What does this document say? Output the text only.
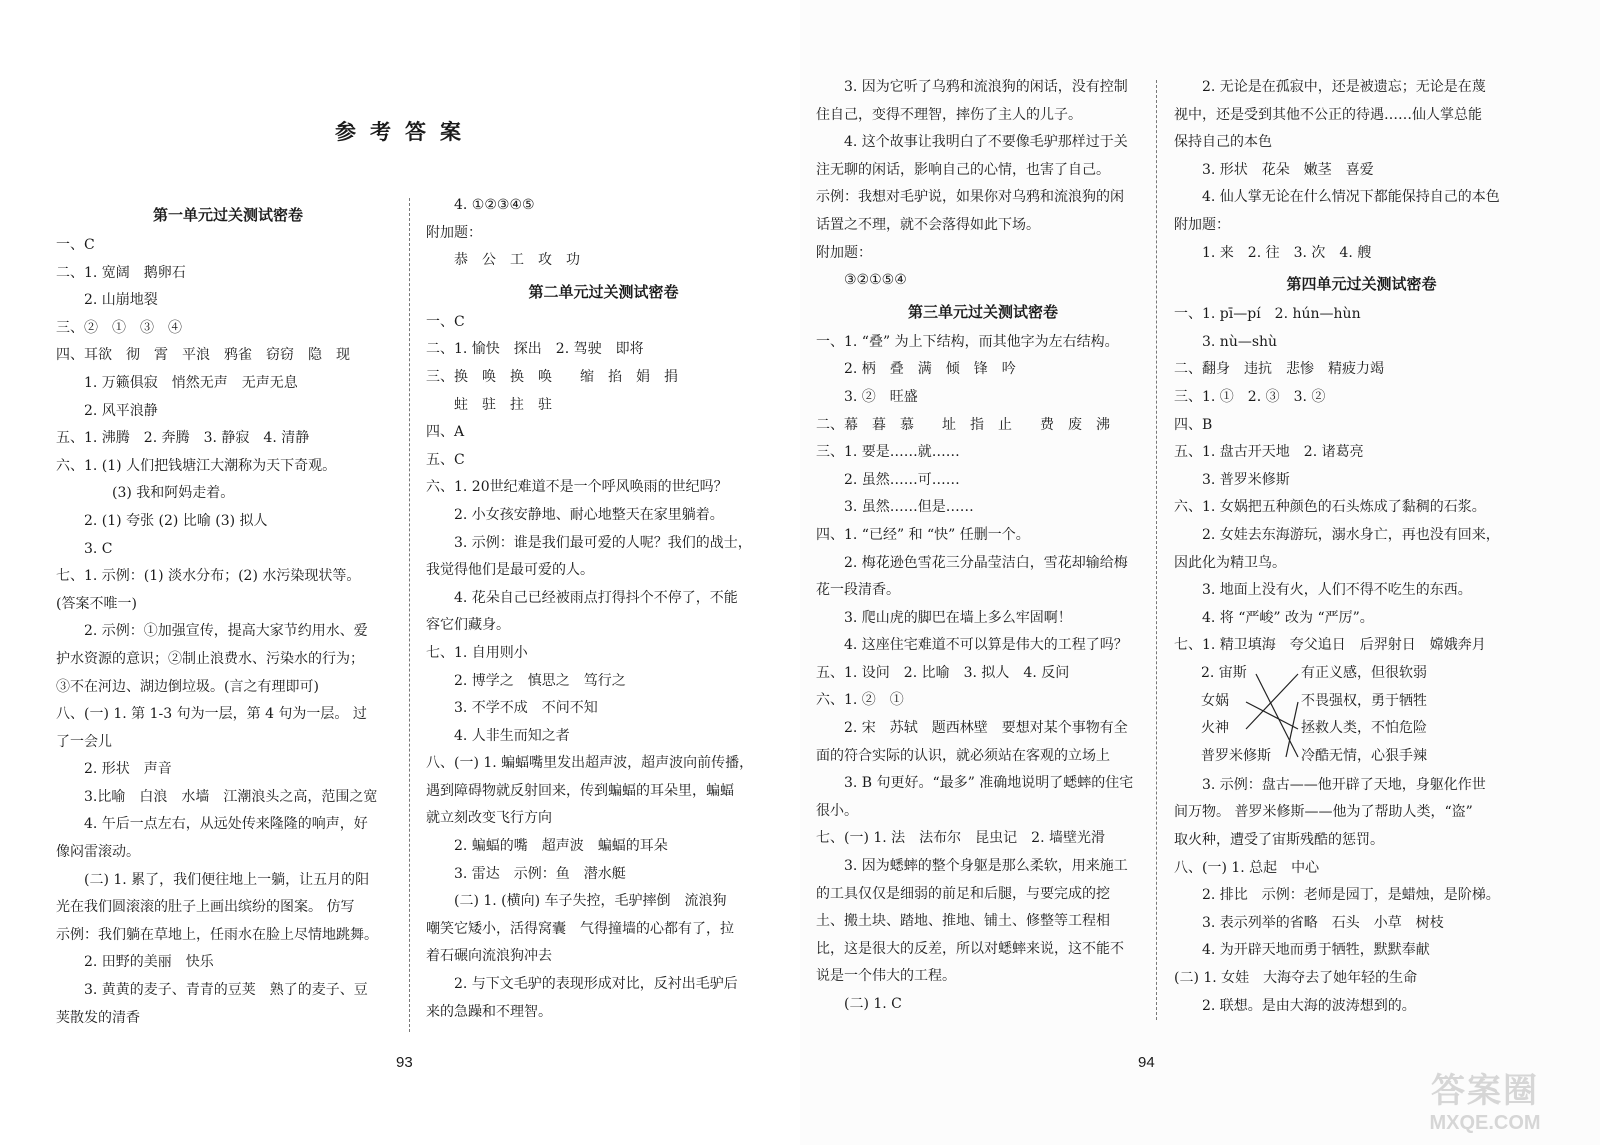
参考答案
第一单元过关测试密卷

一、C

二、1. 宽阔　鹅卵石

2. 山崩地裂

三、②　①　③　④

四、耳欲　彻　霄　平浪　鸦雀　窃窃　隐　现

1. 万籁俱寂　悄然无声　无声无息

2. 风平浪静

五、1. 沸腾　2. 奔腾　3. 静寂　4. 清静

六、1. (1) 人们把钱塘江大潮称为天下奇观。

(3) 我和阿妈走着。

2. (1) 夸张 (2) 比喻 (3) 拟人

3. C

七、1. 示例：(1) 淡水分布；(2) 水污染现状等。

(答案不唯一)

2. 示例：①加强宣传，提高大家节约用水、爱

护水资源的意识；②制止浪费水、污染水的行为；

③不在河边、湖边倒垃圾。(言之有理即可)

八、(一) 1. 第 1-3 句为一层，第 4 句为一层。 过

了一会儿

2. 形状　声音

3.比喻　白浪　水墙　江潮浪头之高，范围之宽

4. 午后一点左右，从远处传来隆隆的响声，好

像闷雷滚动。

(二) 1. 累了，我们便往地上一躺，让五月的阳

光在我们圆滚滚的肚子上画出缤纷的图案。 仿写

示例：我们躺在草地上，任雨水在脸上尽情地跳舞。

2. 田野的美丽　快乐

3. 黄黄的麦子、青青的豆荚　熟了的麦子、豆

荚散发的清香

4. ①②③④⑤

附加题：

恭　公　工　攻　功

第二单元过关测试密卷

一、C

二、1. 愉快　探出　2. 驾驶　即将

三、换　唤　换　唤　　缩　掐　娟　捐

蛀　驻　拄　驻

四、A

五、C

六、1. 20世纪难道不是一个呼风唤雨的世纪吗？

2. 小女孩安静地、耐心地整天在家里躺着。

3. 示例：谁是我们最可爱的人呢？我们的战士，

我觉得他们是最可爱的人。

4. 花朵自己已经被雨点打得抖个不停了，不能

容它们藏身。

七、1. 自用则小

2. 博学之　慎思之　笃行之

3. 不学不成　不问不知

4. 人非生而知之者

八、(一) 1. 蝙蝠嘴里发出超声波，超声波向前传播，

遇到障碍物就反射回来，传到蝙蝠的耳朵里，蝙蝠

就立刻改变飞行方向

2. 蝙蝠的嘴　超声波　蝙蝠的耳朵

3. 雷达　示例：鱼　潜水艇

(二) 1. (横向) 车子失控，毛驴摔倒　流浪狗

嘲笑它矮小，活得窝囊　气得撞墙的心都有了，拉

着石碾向流浪狗冲去

2. 与下文毛驴的表现形成对比，反衬出毛驴后

来的急躁和不理智。

93

3. 因为它听了乌鸦和流浪狗的闲话，没有控制

住自己，变得不理智，摔伤了主人的儿子。

4. 这个故事让我明白了不要像毛驴那样过于关

注无聊的闲话，影响自己的心情，也害了自己。

示例：我想对毛驴说，如果你对乌鸦和流浪狗的闲

话置之不理，就不会落得如此下场。

附加题：

③②①⑤④

第三单元过关测试密卷

一、1. “叠” 为上下结构，而其他字为左右结构。

2. 柄　叠　满　倾　锋　吟

3. ②　旺盛

二、幕　暮　慕　　址　指　止　　费　废　沸

三、1. 要是……就……

2. 虽然……可……

3. 虽然……但是……

四、1. “已经” 和 “快” 任删一个。

2. 梅花逊色雪花三分晶莹洁白，雪花却输给梅

花一段清香。

3. 爬山虎的脚巴在墙上多么牢固啊！

4. 这座住宅难道不可以算是伟大的工程了吗？

五、1. 设问　2. 比喻　3. 拟人　4. 反问

六、1. ②　①

2. 宋　苏轼　题西林壁　要想对某个事物有全

面的符合实际的认识，就必须站在客观的立场上

3. B 句更好。“最多” 准确地说明了蟋蟀的住宅

很小。

七、(一) 1. 法　法布尔　昆虫记　2. 墙壁光滑

3. 因为蟋蟀的整个身躯是那么柔软，用来施工

的工具仅仅是细弱的前足和后腿，与要完成的挖

土、搬土块、踏地、推地、铺土、修整等工程相

比，这是很大的反差，所以对蟋蟀来说，这不能不

说是一个伟大的工程。

(二) 1. C

2. 无论是在孤寂中，还是被遗忘；无论是在蔑

视中，还是受到其他不公正的待遇……仙人掌总能

保持自己的本色

3. 形状　花朵　嫩茎　喜爱

4. 仙人掌无论在什么情况下都能保持自己的本色

附加题：

1. 来　2. 往　3. 次　4. 艘

第四单元过关测试密卷

一、1. pī—pí　2. hún—hùn

3. nù—shù

二、翻身　违抗　悲惨　精疲力竭

三、1. ①　2. ③　3. ②

四、B

五、1. 盘古开天地　2. 诸葛亮

3. 普罗米修斯

六、1. 女娲把五种颜色的石头炼成了黏稠的石浆。

2. 女娃去东海游玩，溺水身亡，再也没有回来，

因此化为精卫鸟。

3. 地面上没有火，人们不得不吃生的东西。

4. 将 “严峻” 改为 “严厉”。

七、1. 精卫填海　夸父追日　后羿射日　嫦娥奔月

2. 宙斯

女娲

火神

普罗米修斯

有正义感，但很软弱

不畏强权，勇于牺牲

拯救人类，不怕危险

冷酷无情，心狠手辣

3. 示例：盘古——他开辟了天地，身躯化作世

间万物。 普罗米修斯——他为了帮助人类，“盗”

取火种，遭受了宙斯残酷的惩罚。

八、(一) 1. 总起　中心

2. 排比　示例：老师是园丁，是蜡烛，是阶梯。

3. 表示列举的省略　石头　小草　树枝

4. 为开辟天地而勇于牺牲，默默奉献

(二) 1. 女娃　大海夺去了她年轻的生命

2. 联想。是由大海的波涛想到的。

94
答案圈
MXQE.COM
